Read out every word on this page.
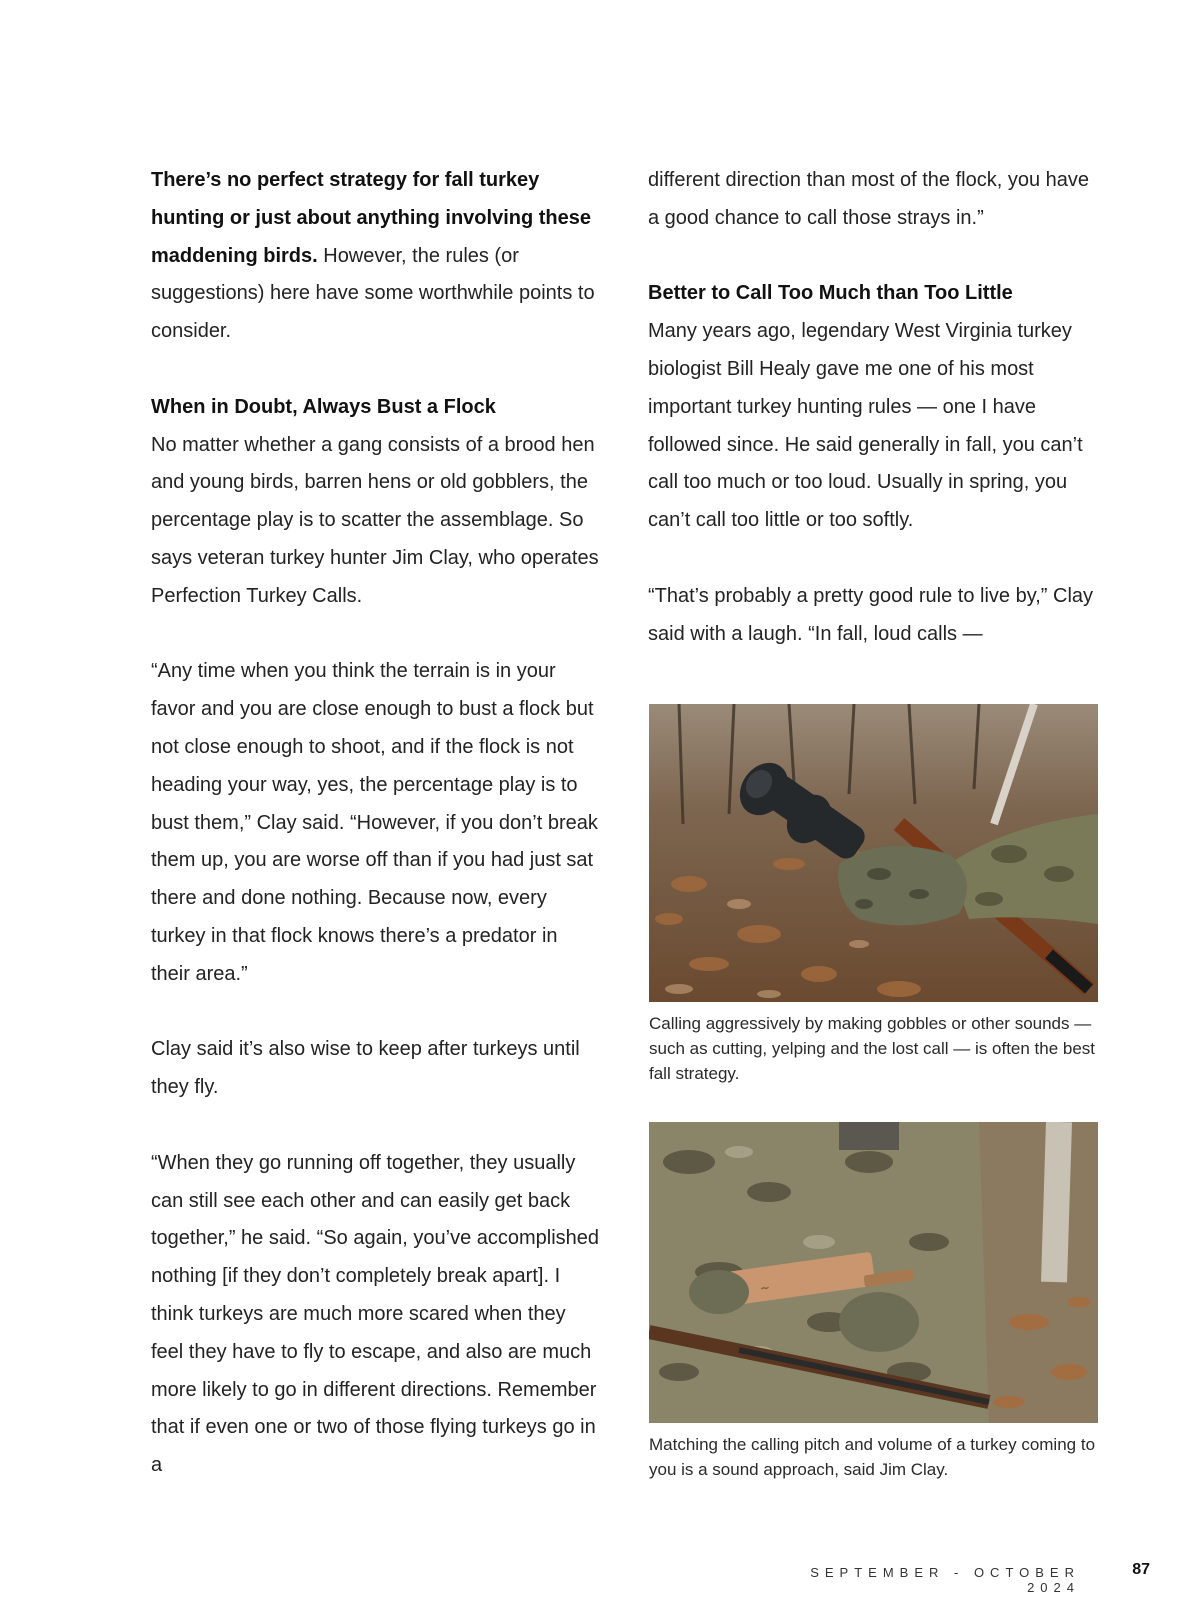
There’s no perfect strategy for fall turkey hunting or just about anything involving these maddening birds. However, the rules (or suggestions) here have some worthwhile points to consider.

When in Doubt, Always Bust a Flock
No matter whether a gang consists of a brood hen and young birds, barren hens or old gobblers, the percentage play is to scatter the assemblage. So says veteran turkey hunter Jim Clay, who operates Perfection Turkey Calls.

“Any time when you think the terrain is in your favor and you are close enough to bust a flock but not close enough to shoot, and if the flock is not heading your way, yes, the percentage play is to bust them,” Clay said. “However, if you don’t break them up, you are worse off than if you had just sat there and done nothing. Because now, every turkey in that flock knows there’s a predator in their area.”

Clay said it’s also wise to keep after turkeys until they fly.

“When they go running off together, they usually can still see each other and can easily get back together,” he said. “So again, you’ve accomplished nothing [if they don’t completely break apart]. I think turkeys are much more scared when they feel they have to fly to escape, and also are much more likely to go in different directions. Remember that if even one or two of those flying turkeys go in a

different direction than most of the flock, you have a good chance to call those strays in.”

Better to Call Too Much than Too Little
Many years ago, legendary West Virginia turkey biologist Bill Healy gave me one of his most important turkey hunting rules — one I have followed since. He said generally in fall, you can’t call too much or too loud. Usually in spring, you can’t call too little or too softly.

“That’s probably a pretty good rule to live by,” Clay said with a laugh. “In fall, loud calls —

Calling aggressively by making gobbles or other sounds — such as cutting, yelping and the lost call — is often the best fall strategy.
~
Matching the calling pitch and volume of a turkey coming to you is a sound approach, said Jim Clay.
SEPTEMBER - OCTOBER 2024
87
